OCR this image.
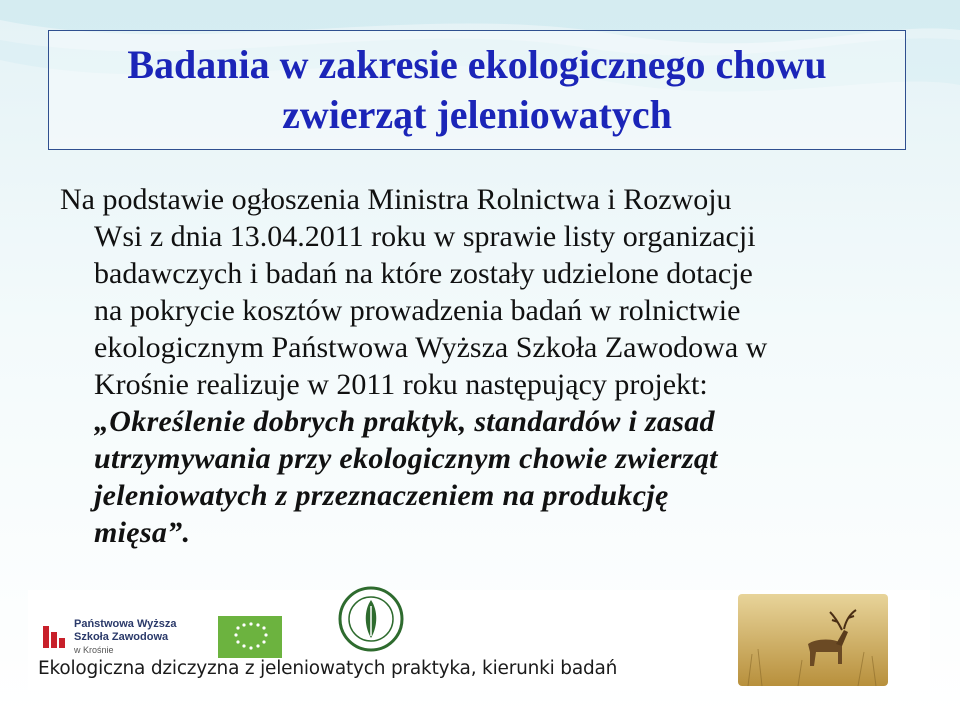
Badania w zakresie ekologicznego chowu
zwierząt jeleniowatych
Na podstawie ogłoszenia Ministra Rolnictwa i Rozwoju
Wsi z dnia 13.04.2011 roku w sprawie listy organizacji
badawczych i badań na które zostały udzielone dotacje
na pokrycie kosztów prowadzenia badań w rolnictwie
ekologicznym Państwowa Wyższa Szkoła Zawodowa w
Krośnie realizuje w 2011 roku następujący projekt:
„Określenie dobrych praktyk, standardów i zasad
utrzymywania przy ekologicznym chowie zwierząt
jeleniowatych z przeznaczeniem na produkcję
mięsa”.
Państwowa Wyższa
Szkoła Zawodowa
w Krośnie
Ekologiczna dziczyzna z jeleniowatych praktyka, kierunki badań
